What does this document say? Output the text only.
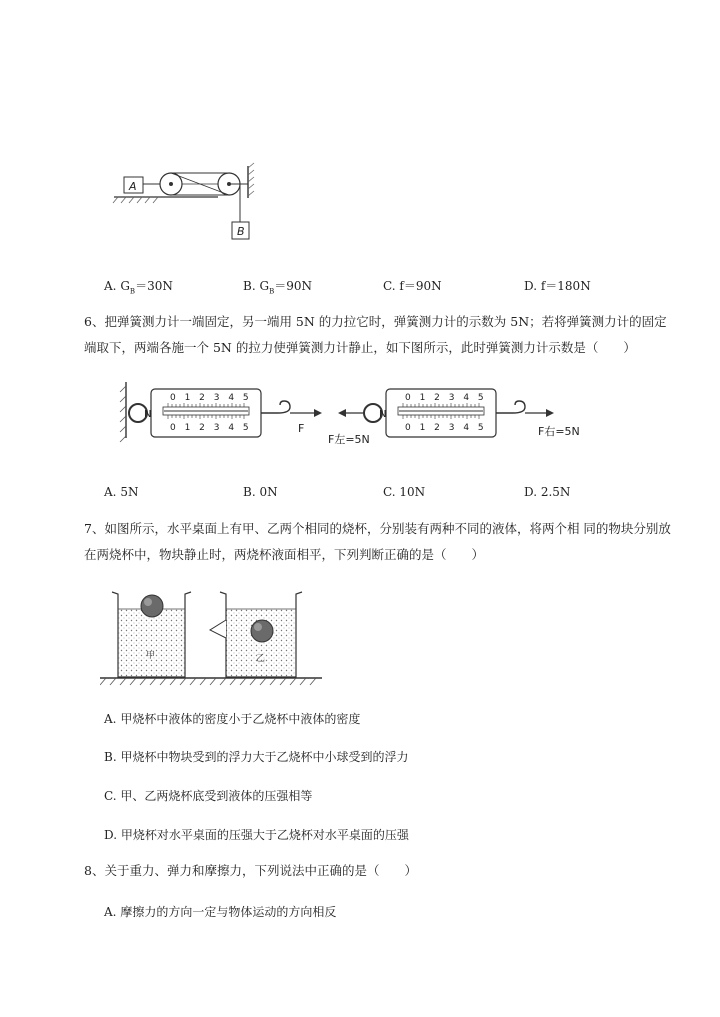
A
B
A. $G_B=30N$	B. $G_B=90N$	C. f＝90N	D. f＝180N
6、把弹簧测力计一端固定，另一端用 5N 的力拉它时，弹簧测力计的示数为 5N；若将弹簧测力计的固定端取下，两端各施一个 5N 的拉力使弹簧测力计静止，如下图所示，此时弹簧测力计示数是（　　）
N
0 1 2 3 4 5
0 1 2 3 4 5	F
F左=5N
N
0 1 2 3 4 5
0 1 2 3 4 5	F右=5N
A. 5N	B. 0N	C. 10N	D. 2.5N
7、如图所示，水平桌面上有甲、乙两个相同的烧杯，分别装有两种不同的液体，将两个相 同的物块分别放在两烧杯中，物块静止时，两烧杯液面相平，下列判断正确的是（　　）
甲	乙
A. 甲烧杯中液体的密度小于乙烧杯中液体的密度
B. 甲烧杯中物块受到的浮力大于乙烧杯中小球受到的浮力
C. 甲、乙两烧杯底受到液体的压强相等
D. 甲烧杯对水平桌面的压强大于乙烧杯对水平桌面的压强
8、关于重力、弹力和摩擦力，下列说法中正确的是（　　）
A. 摩擦力的方向一定与物体运动的方向相反
